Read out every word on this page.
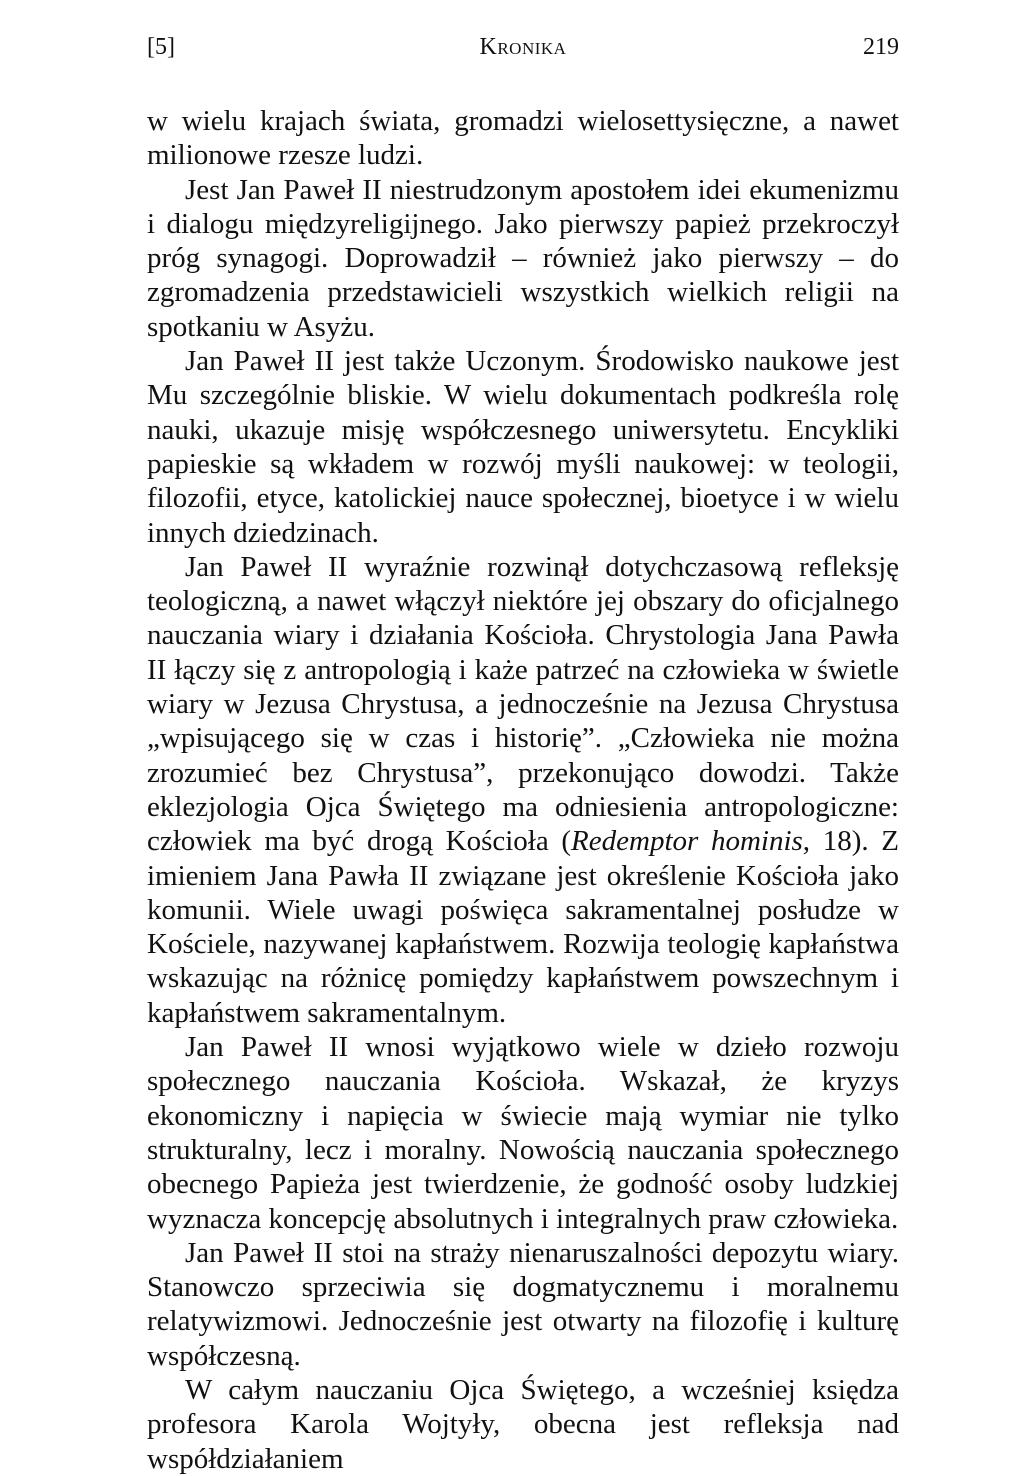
[5]	Kronika	219

w wielu krajach świata, gromadzi wielosettysięczne, a nawet milionowe rzesze ludzi.

Jest Jan Paweł II niestrudzonym apostołem idei ekumenizmu i dialogu międzyreligijnego. Jako pierwszy papież przekroczył próg synagogi. Doprowadził – również jako pierwszy – do zgromadzenia przedstawicieli wszystkich wielkich religii na spotkaniu w Asyżu.

Jan Paweł II jest także Uczonym. Środowisko naukowe jest Mu szczególnie bliskie. W wielu dokumentach podkreśla rolę nauki, ukazuje misję współczesnego uniwersytetu. Encykliki papieskie są wkładem w rozwój myśli naukowej: w teologii, filozofii, etyce, katolickiej nauce społecznej, bioetyce i w wielu innych dziedzinach.

Jan Paweł II wyraźnie rozwinął dotychczasową refleksję teologiczną, a nawet włączył niektóre jej obszary do oficjalnego nauczania wiary i działania Kościoła. Chrystologia Jana Pawła II łączy się z antropologią i każe patrzeć na człowieka w świetle wiary w Jezusa Chrystusa, a jednocześnie na Jezusa Chrystusa „wpisującego się w czas i historię”. „Człowieka nie można zrozumieć bez Chrystusa”, przekonująco dowodzi. Także eklezjologia Ojca Świętego ma odniesienia antropologiczne: człowiek ma być drogą Kościoła (Redemptor hominis, 18). Z imieniem Jana Pawła II związane jest określenie Kościoła jako komunii. Wiele uwagi poświęca sakramentalnej posłudze w Kościele, nazywanej kapłaństwem. Rozwija teologię kapłaństwa wskazując na różnicę pomiędzy kapłaństwem powszechnym i kapłaństwem sakramentalnym.

Jan Paweł II wnosi wyjątkowo wiele w dzieło rozwoju społecznego nauczania Kościoła. Wskazał, że kryzys ekonomiczny i napięcia w świecie mają wymiar nie tylko strukturalny, lecz i moralny. Nowością nauczania społecznego obecnego Papieża jest twierdzenie, że godność osoby ludzkiej wyznacza koncepcję absolutnych i integralnych praw człowieka.

Jan Paweł II stoi na straży nienaruszalności depozytu wiary. Stanowczo sprzeciwia się dogmatycznemu i moralnemu relatywizmowi. Jednocześnie jest otwarty na filozofię i kulturę współczesną.

W całym nauczaniu Ojca Świętego, a wcześniej księdza profesora Karola Wojtyły, obecna jest refleksja nad współdziałaniem
